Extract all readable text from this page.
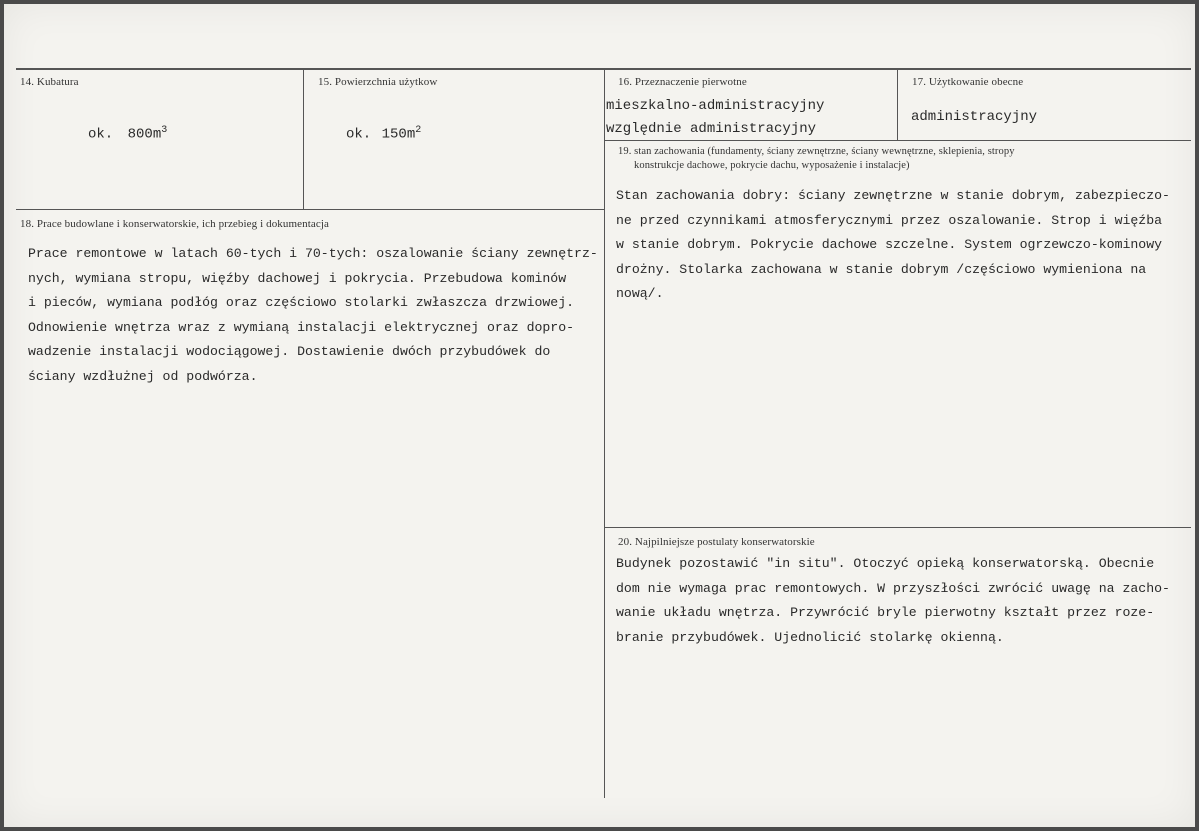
14. Kubatura
ok. $800m^3$
15. Powierzchnia użytkow
ok. $150m^2$
16. Przeznaczenie pierwotne
mieszkalno-administracyjny
względnie administracyjny
17. Użytkowanie obecne
administracyjny
18. Prace budowlane i konserwatorskie, ich przebieg i dokumentacja
Prace remontowe w latach 60-tych i 70-tych: oszalowanie ściany zewnętrz-
nych, wymiana stropu, więźby dachowej i pokrycia. Przebudowa kominów
i pieców, wymiana podłóg oraz częściowo stolarki zwłaszcza drzwiowej.
Odnowienie wnętrza wraz z wymianą instalacji elektrycznej oraz dopro-
wadzenie instalacji wodociągowej. Dostawienie dwóch przybudówek do
ściany wzdłużnej od podwórza.
19. stan zachowania (fundamenty, ściany zewnętrzne, ściany wewnętrzne, sklepienia, stropy
konstrukcje dachowe, pokrycie dachu, wyposażenie i instalacje)
Stan zachowania dobry: ściany zewnętrzne w stanie dobrym, zabezpieczo-
ne przed czynnikami atmosferycznymi przez oszalowanie. Strop i więźba
w stanie dobrym. Pokrycie dachowe szczelne. System ogrzewczo-kominowy
drożny. Stolarka zachowana w stanie dobrym /częściowo wymieniona na
nową/.
20. Najpilniejsze postulaty konserwatorskie
Budynek pozostawić "in situ". Otoczyć opieką konserwatorską. Obecnie
dom nie wymaga prac remontowych. W przyszłości zwrócić uwagę na zacho-
wanie układu wnętrza. Przywrócić bryle pierwotny kształt przez roze-
branie przybudówek. Ujednolicić stolarkę okienną.
